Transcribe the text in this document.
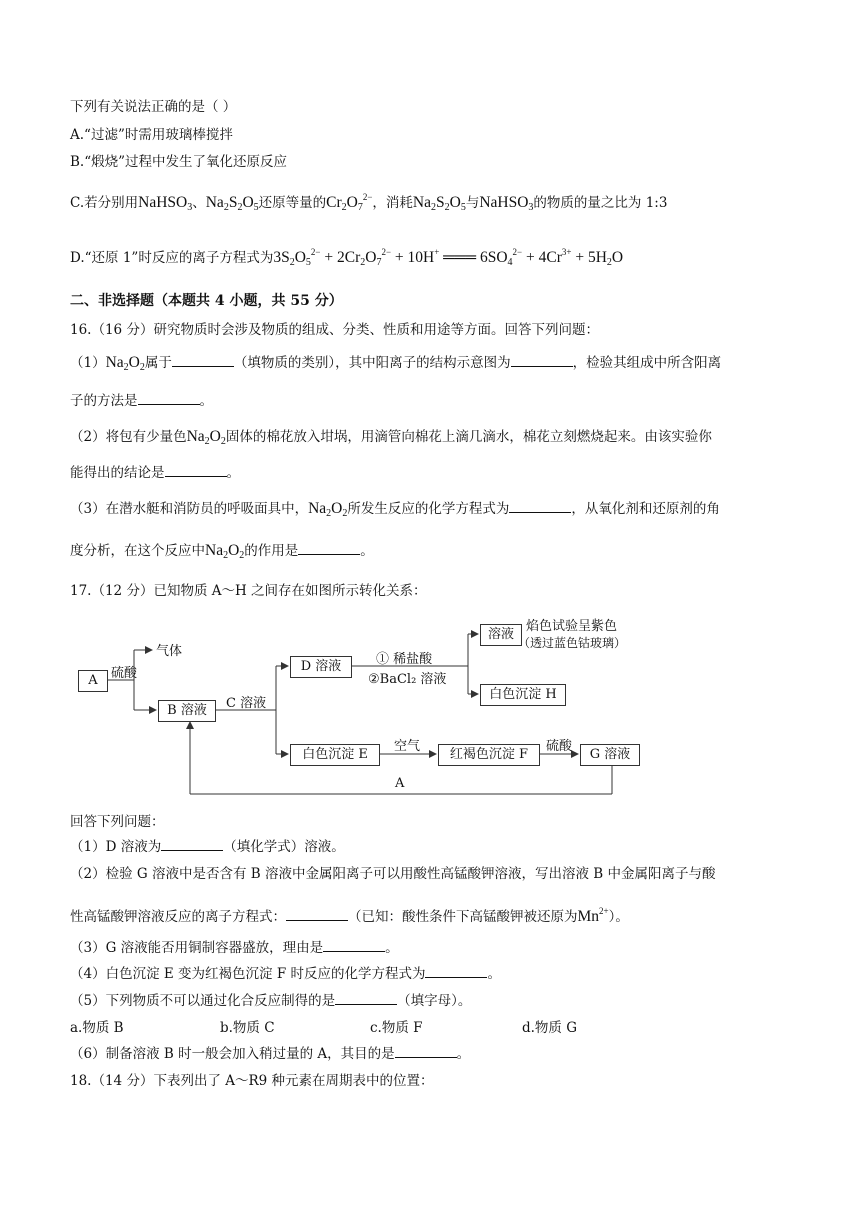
下列有关说法正确的是（ ）
A.“过滤”时需用玻璃棒搅拌
B.“煅烧”过程中发生了氧化还原反应
C.若分别用NaHSO$_3$、$Na_2S_2O_5$还原等量的$Cr_2O_7^{2-}$，消耗$Na_2S_2O_5$与NaHSO$_3$的物质的量之比为 1:3
D.“还原 1”时反应的离子方程式为$3S_2O_5^{2-} + 2Cr_2O_7^{2-} + 10H^+$ ═══ $6SO_4^{2-} + 4Cr^{3+} + 5H_2O$
二、非选择题（本题共 4 小题，共 55 分）
16.（16 分）研究物质时会涉及物质的组成、分类、性质和用途等方面。回答下列问题：
$(1)Na_2O_2$属于	（填物质的类别），其中阳离子的结构示意图为	，检验其组成中所含阳离
子的方法是	。
（2）将包有少量色$Na_2O_2$固体的棉花放入坩埚，用滴管向棉花上滴几滴水，棉花立刻燃烧起来。由该实验你
能得出的结论是	。
（3）在潜水艇和消防员的呼吸面具中，$Na_2O_2$所发生反应的化学方程式为	，从氧化剂和还原剂的角
度分析，在这个反应中$Na_2O_2$的作用是	。
17.（12 分）已知物质 A～H 之间存在如图所示转化关系：
A	硫酸
气体
B 溶液	C 溶液
D 溶液	① 稀盐酸
②BaCl₂ 溶液
溶液
焰色试验呈紫色
（透过蓝色钴玻璃）
白色沉淀 H
白色沉淀 E
空气
红褐色沉淀 F
硫酸
G 溶液
A
回答下列问题：
（1）D 溶液为	（填化学式）溶液。
（2）检验 G 溶液中是否含有 B 溶液中金属阳离子可以用酸性高锰酸钾溶液，写出溶液 B 中金属阳离子与酸
性高锰酸钾溶液反应的离子方程式：	（已知：酸性条件下高锰酸钾被还原为$Mn^{2+}$）。
（3）G 溶液能否用铜制容器盛放，理由是	。
（4）白色沉淀 E 变为红褐色沉淀 F 时反应的化学方程式为	。
（5）下列物质不可以通过化合反应制得的是	（填字母）。
a.物质 B	b.物质 C	c.物质 F	d.物质 G
（6）制备溶液 B 时一般会加入稍过量的 A，其目的是	。
18.（14 分）下表列出了 A～R9 种元素在周期表中的位置：
